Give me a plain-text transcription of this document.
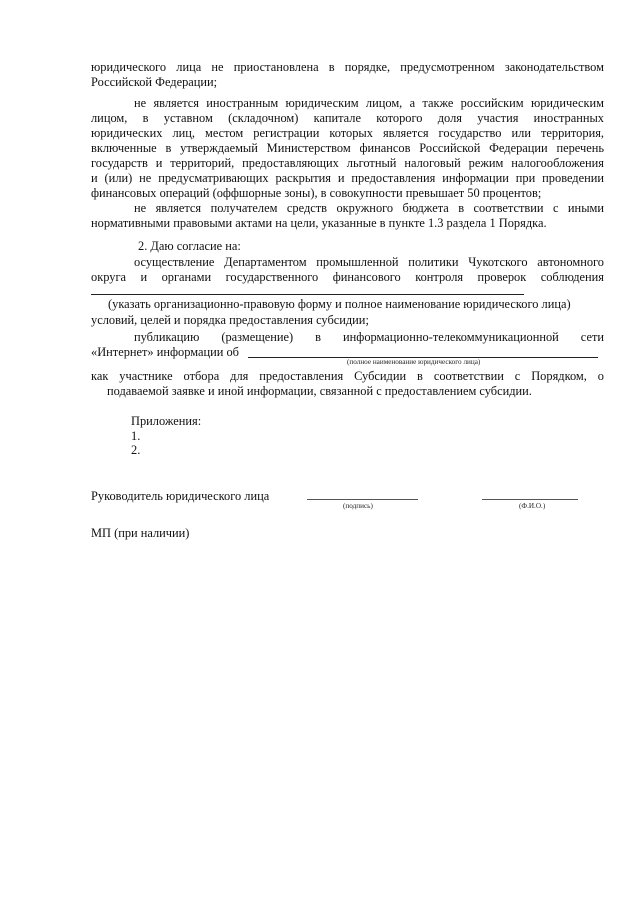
юридического лица не приостановлена в порядке, предусмотренном законодательством
Российской Федерации;
не является иностранным юридическим лицом, а также российским юридическим
лицом, в уставном (складочном) капитале которого доля участия иностранных
юридических лиц, местом регистрации которых является государство или территория,
включенные в утверждаемый Министерством финансов Российской Федерации перечень
государств и территорий, предоставляющих льготный налоговый режим налогообложения
и (или) не предусматривающих раскрытия и предоставления информации при проведении
финансовых операций (оффшорные зоны), в совокупности превышает 50 процентов;
не является получателем средств окружного бюджета в соответствии с иными
нормативными правовыми актами на цели, указанные в пункте 1.3 раздела 1 Порядка.
2. Даю согласие на:
осуществление Департаментом промышленной политики Чукотского автономного
округа и органами государственного финансового контроля проверок соблюдения
(указать организационно-правовую форму и полное наименование юридического лица)
условий, целей и порядка предоставления субсидии;
публикацию (размещение) в информационно-телекоммуникационной сети
«Интернет» информации об
(полное наименование юридического лица)
как участнике отбора для предоставления Субсидии в соответствии с Порядком, о
подаваемой заявке и иной информации, связанной с предоставлением субсидии.
Приложения:
1.
2.
Руководитель юридического лица
(подпись)	(Ф.И.О.)
МП (при наличии)
